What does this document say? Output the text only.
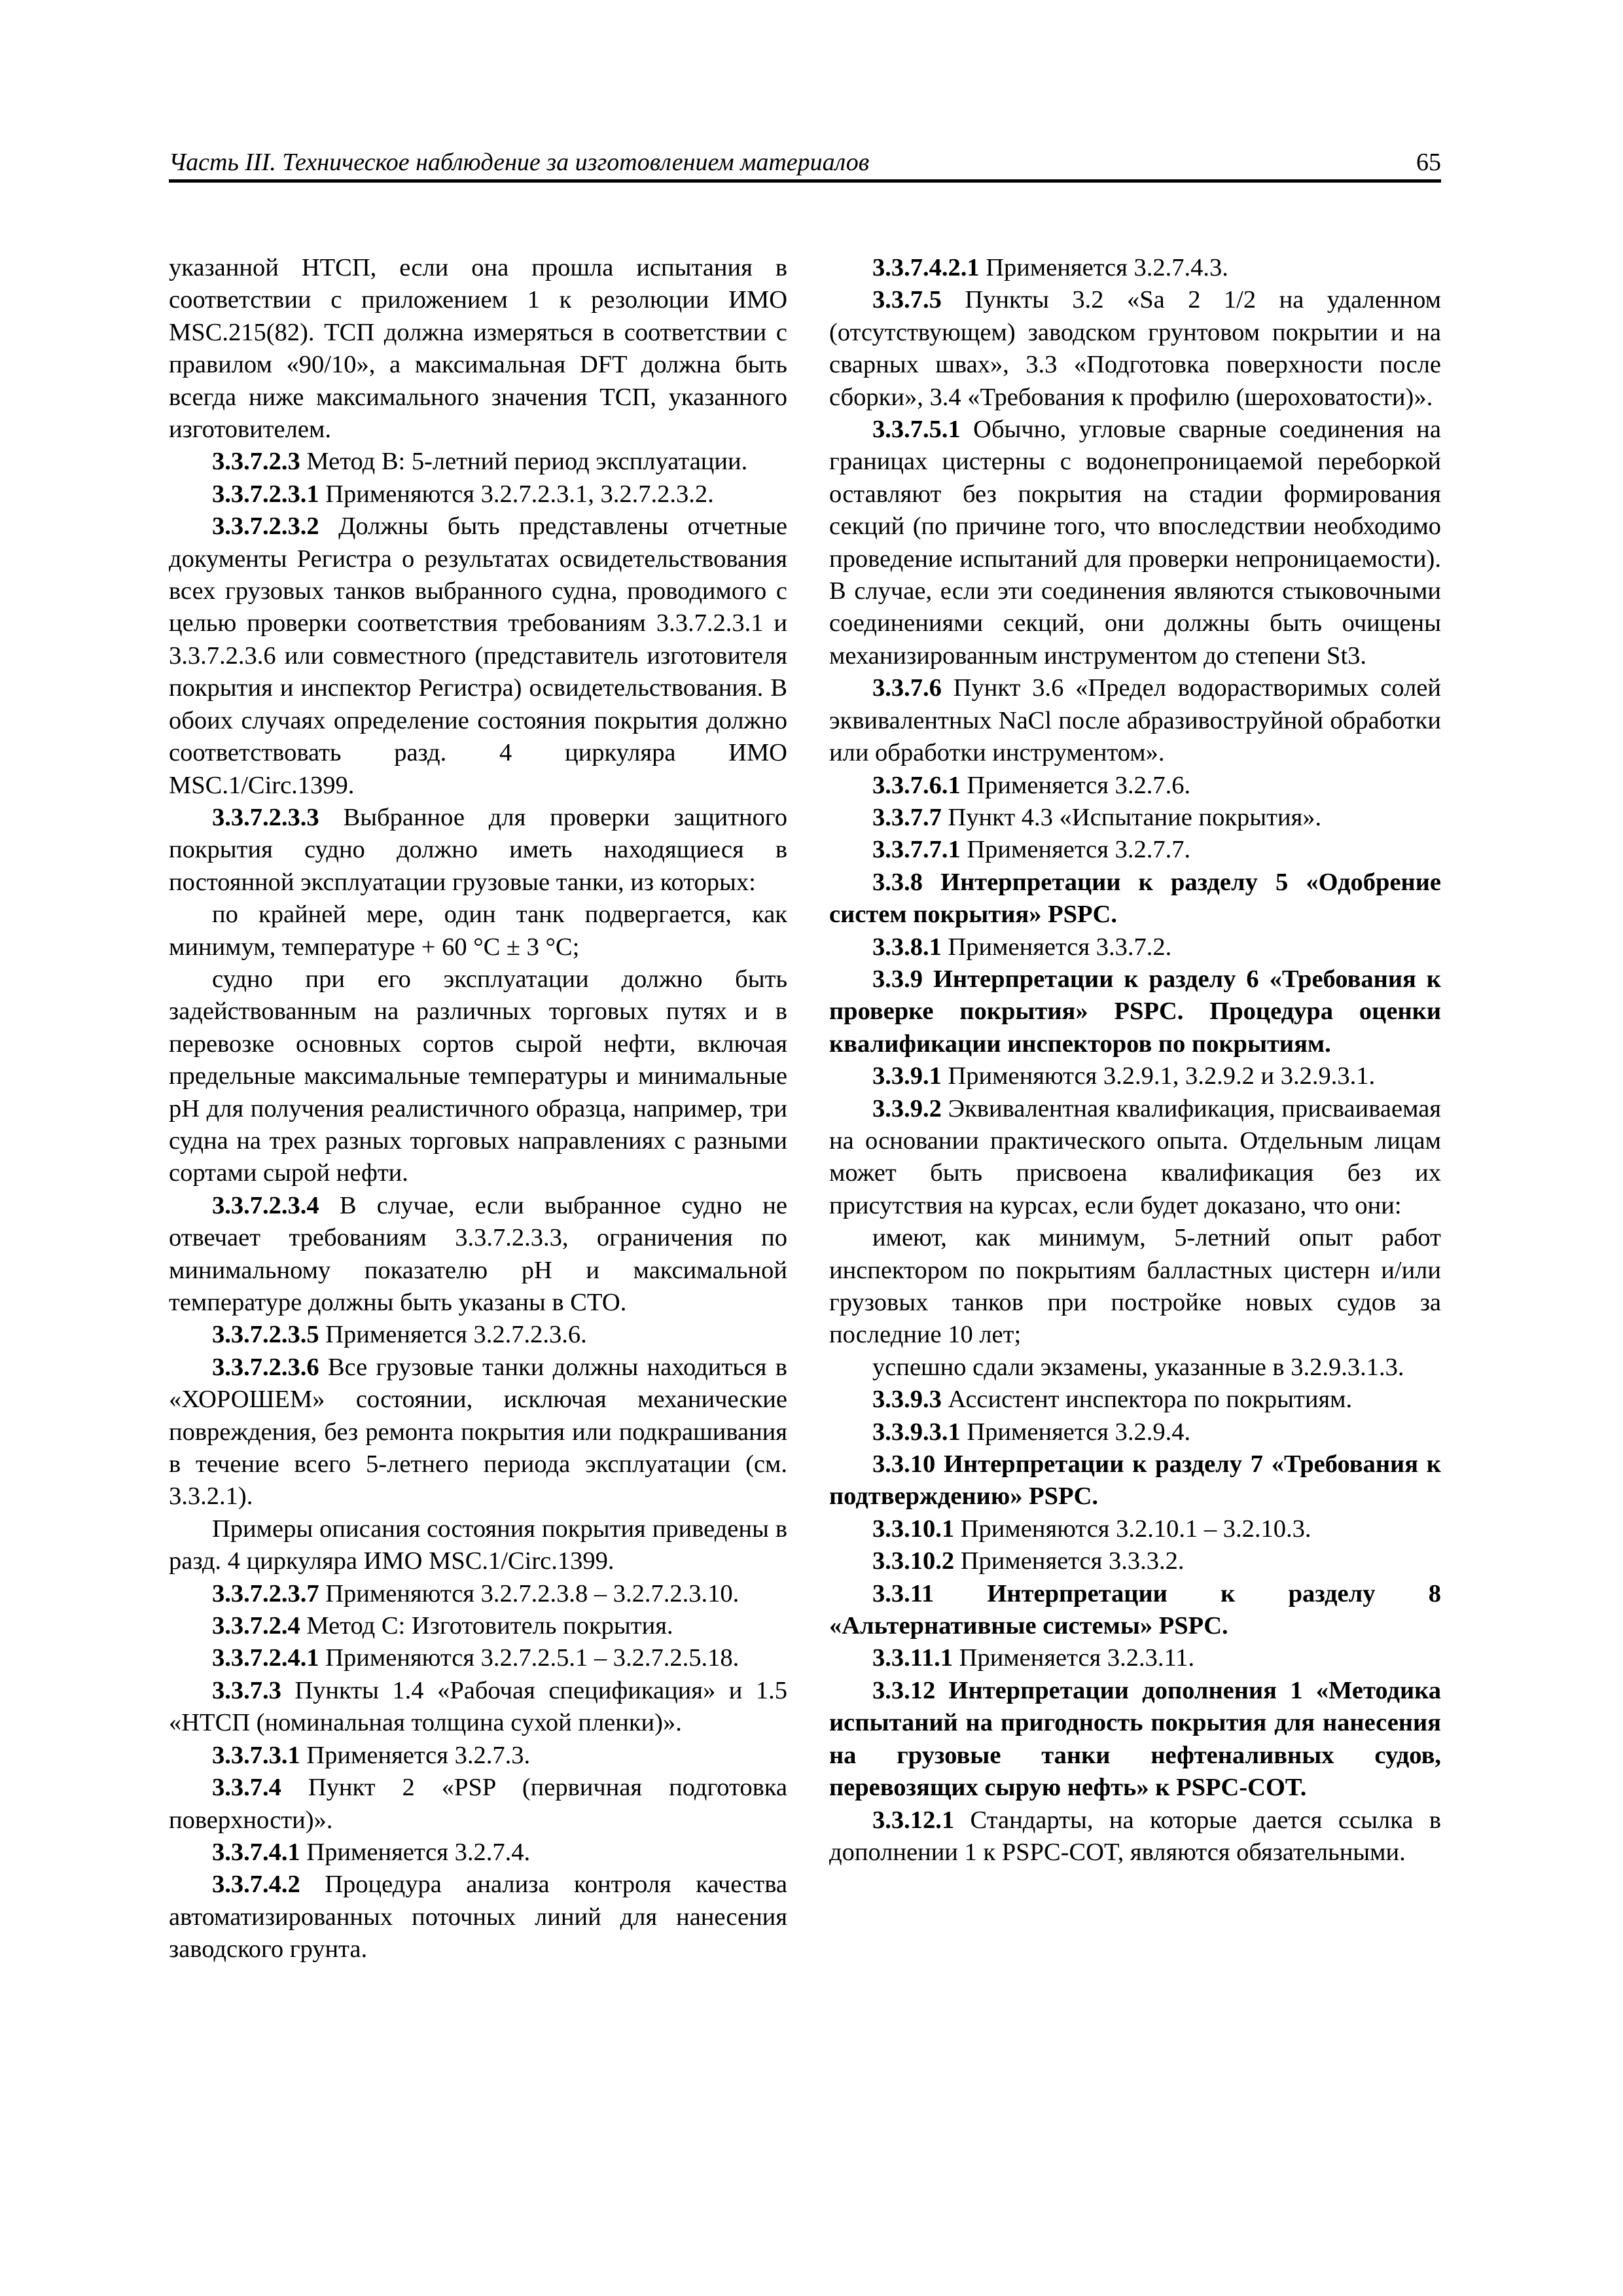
Часть III. Техническое наблюдение за изготовлением материалов	65

указанной НТСП, если она прошла испытания в соответствии с приложением 1 к резолюции ИМО MSC.215(82). ТСП должна измеряться в соответствии с правилом «90/10», а максимальная DFT должна быть всегда ниже максимального значения ТСП, указанного изготовителем.

3.3.7.2.3 Метод В: 5-летний период эксплуатации.

3.3.7.2.3.1 Применяются 3.2.7.2.3.1, 3.2.7.2.3.2.

3.3.7.2.3.2 Должны быть представлены отчетные документы Регистра о результатах освидетельствования всех грузовых танков выбранного судна, проводимого с целью проверки соответствия требованиям 3.3.7.2.3.1 и 3.3.7.2.3.6 или совместного (представитель изготовителя покрытия и инспектор Регистра) освидетельствования. В обоих случаях определение состояния покрытия должно соответствовать разд. 4 циркуляра ИМО MSC.1/Circ.1399.

3.3.7.2.3.3 Выбранное для проверки защитного покрытия судно должно иметь находящиеся в постоянной эксплуатации грузовые танки, из которых:

по крайней мере, один танк подвергается, как минимум, температуре + 60 °С ± 3 °С;

судно при его эксплуатации должно быть задействованным на различных торговых путях и в перевозке основных сортов сырой нефти, включая предельные максимальные температуры и минимальные pH для получения реалистичного образца, например, три судна на трех разных торговых направлениях с разными сортами сырой нефти.

3.3.7.2.3.4 В случае, если выбранное судно не отвечает требованиям 3.3.7.2.3.3, ограничения по минимальному показателю pH и максимальной температуре должны быть указаны в СТО.

3.3.7.2.3.5 Применяется 3.2.7.2.3.6.

3.3.7.2.3.6 Все грузовые танки должны находиться в «ХОРОШЕМ» состоянии, исключая механические повреждения, без ремонта покрытия или подкрашивания в течение всего 5-летнего периода эксплуатации (см. 3.3.2.1).

Примеры описания состояния покрытия приведены в разд. 4 циркуляра ИМО MSC.1/Circ.1399.

3.3.7.2.3.7 Применяются 3.2.7.2.3.8 – 3.2.7.2.3.10.

3.3.7.2.4 Метод С: Изготовитель покрытия.

3.3.7.2.4.1 Применяются 3.2.7.2.5.1 – 3.2.7.2.5.18.

3.3.7.3 Пункты 1.4 «Рабочая спецификация» и 1.5 «НТСП (номинальная толщина сухой пленки)».

3.3.7.3.1 Применяется 3.2.7.3.

3.3.7.4 Пункт 2 «PSP (первичная подготовка поверхности)».

3.3.7.4.1 Применяется 3.2.7.4.

3.3.7.4.2 Процедура анализа контроля качества автоматизированных поточных линий для нанесения заводского грунта.

3.3.7.4.2.1 Применяется 3.2.7.4.3.

3.3.7.5 Пункты 3.2 «Sa 2 1/2 на удаленном (отсутствующем) заводском грунтовом покрытии и на сварных швах», 3.3 «Подготовка поверхности после сборки», 3.4 «Требования к профилю (шероховатости)».

3.3.7.5.1 Обычно, угловые сварные соединения на границах цистерны с водонепроницаемой переборкой оставляют без покрытия на стадии формирования секций (по причине того, что впоследствии необходимо проведение испытаний для проверки непроницаемости). В случае, если эти соединения являются стыковочными соединениями секций, они должны быть очищены механизированным инструментом до степени St3.

3.3.7.6 Пункт 3.6 «Предел водорастворимых солей эквивалентных NaCl после абразивоструйной обработки или обработки инструментом».

3.3.7.6.1 Применяется 3.2.7.6.

3.3.7.7 Пункт 4.3 «Испытание покрытия».

3.3.7.7.1 Применяется 3.2.7.7.

3.3.8 Интерпретации к разделу 5 «Одобрение систем покрытия» PSPC.

3.3.8.1 Применяется 3.3.7.2.

3.3.9 Интерпретации к разделу 6 «Требования к проверке покрытия» PSPC. Процедура оценки квалификации инспекторов по покрытиям.

3.3.9.1 Применяются 3.2.9.1, 3.2.9.2 и 3.2.9.3.1.

3.3.9.2 Эквивалентная квалификация, присваиваемая на основании практического опыта. Отдельным лицам может быть присвоена квалификация без их присутствия на курсах, если будет доказано, что они:

имеют, как минимум, 5-летний опыт работ инспектором по покрытиям балластных цистерн и/или грузовых танков при постройке новых судов за последние 10 лет;

успешно сдали экзамены, указанные в 3.2.9.3.1.3.

3.3.9.3 Ассистент инспектора по покрытиям.

3.3.9.3.1 Применяется 3.2.9.4.

3.3.10 Интерпретации к разделу 7 «Требования к подтверждению» PSPC.

3.3.10.1 Применяются 3.2.10.1 – 3.2.10.3.

3.3.10.2 Применяется 3.3.3.2.

3.3.11 Интерпретации к разделу 8 «Альтернативные системы» PSPC.

3.3.11.1 Применяется 3.2.3.11.

3.3.12 Интерпретации дополнения 1 «Методика испытаний на пригодность покрытия для нанесения на грузовые танки нефтеналивных судов, перевозящих сырую нефть» к PSPC-COT.

3.3.12.1 Стандарты, на которые дается ссылка в дополнении 1 к PSPC-COT, являются обязательными.
